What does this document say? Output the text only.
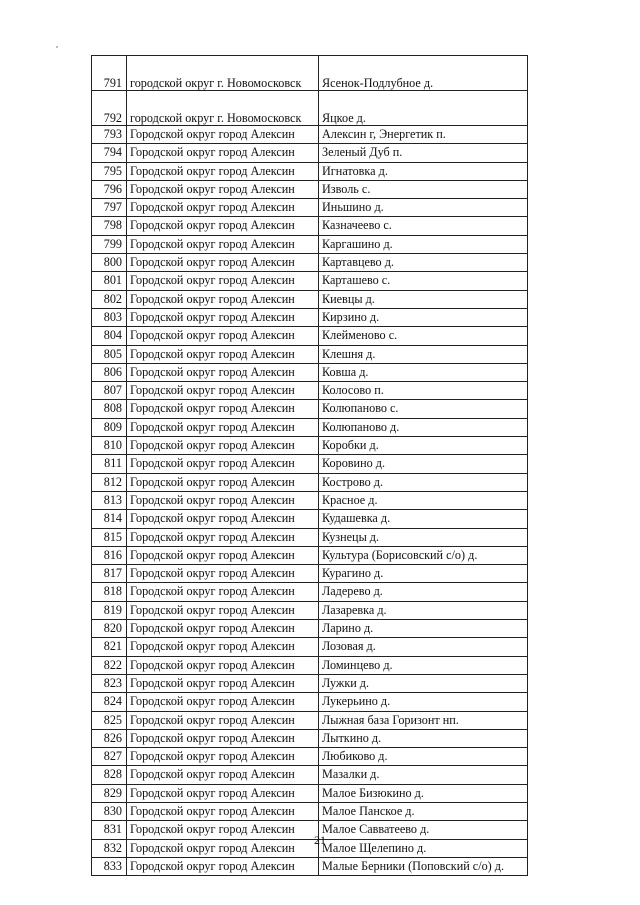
791	городской округ г. Новомосковск	Ясенок-Подлубное д.
792	городской округ г. Новомосковск	Яцкое д.
793	Городской округ город Алексин	Алексин г, Энергетик п.
794	Городской округ город Алексин	Зеленый Дуб п.
795	Городской округ город Алексин	Игнатовка д.
796	Городской округ город Алексин	Изволь с.
797	Городской округ город Алексин	Иньшино д.
798	Городской округ город Алексин	Казначеево с.
799	Городской округ город Алексин	Каргашино д.
800	Городской округ город Алексин	Картавцево д.
801	Городской округ город Алексин	Карташево с.
802	Городской округ город Алексин	Киевцы д.
803	Городской округ город Алексин	Кирзино д.
804	Городской округ город Алексин	Клейменово с.
805	Городской округ город Алексин	Клешня д.
806	Городской округ город Алексин	Ковша д.
807	Городской округ город Алексин	Колосово п.
808	Городской округ город Алексин	Колюпаново с.
809	Городской округ город Алексин	Колюпаново д.
810	Городской округ город Алексин	Коробки д.
811	Городской округ город Алексин	Коровино д.
812	Городской округ город Алексин	Кострово д.
813	Городской округ город Алексин	Красное д.
814	Городской округ город Алексин	Кудашевка д.
815	Городской округ город Алексин	Кузнецы д.
816	Городской округ город Алексин	Культура (Борисовский с/о) д.
817	Городской округ город Алексин	Курагино д.
818	Городской округ город Алексин	Ладерево д.
819	Городской округ город Алексин	Лазаревка д.
820	Городской округ город Алексин	Ларино д.
821	Городской округ город Алексин	Лозовая д.
822	Городской округ город Алексин	Ломинцево д.
823	Городской округ город Алексин	Лужки д.
824	Городской округ город Алексин	Лукерьино д.
825	Городской округ город Алексин	Лыжная база Горизонт нп.
826	Городской округ город Алексин	Лыткино д.
827	Городской округ город Алексин	Любиково д.
828	Городской округ город Алексин	Мазалки д.
829	Городской округ город Алексин	Малое Бизюкино д.
830	Городской округ город Алексин	Малое Панское д.
831	Городской округ город Алексин	Малое Савватеево д.
832	Городской округ город Алексин	Малое Щелепино д.
833	Городской округ город Алексин	Малые Берники (Поповский с/о) д.
21
